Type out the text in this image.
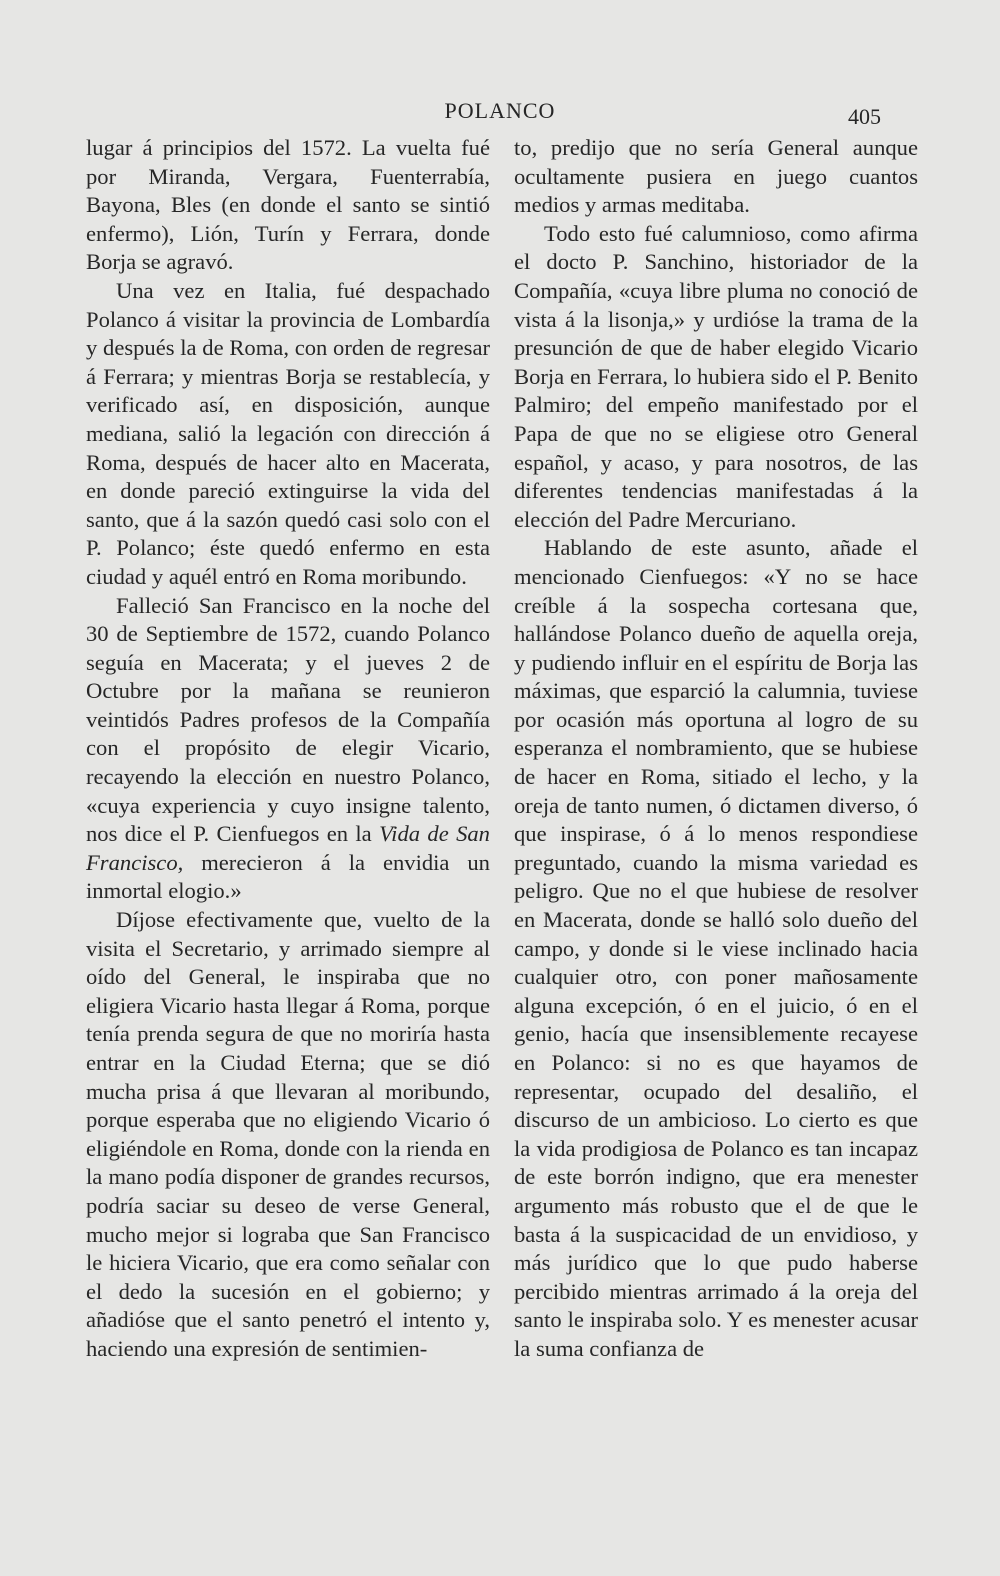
POLANCO	405

lugar á principios del 1572. La vuelta fué por Miranda, Vergara, Fuenterrabía, Bayona, Bles (en donde el santo se sintió enfermo), Lión, Turín y Ferrara, donde Borja se agravó.

Una vez en Italia, fué despachado Polanco á visitar la provincia de Lombardía y después la de Roma, con orden de regresar á Ferrara; y mientras Borja se restablecía, y verificado así, en disposición, aunque mediana, salió la legación con dirección á Roma, después de hacer alto en Macerata, en donde pareció extinguirse la vida del santo, que á la sazón quedó casi solo con el P. Polanco; éste quedó enfermo en esta ciudad y aquél entró en Roma moribundo.

Falleció San Francisco en la noche del 30 de Septiembre de 1572, cuando Polanco seguía en Macerata; y el jueves 2 de Octubre por la mañana se reunieron veintidós Padres profesos de la Compañía con el propósito de elegir Vicario, recayendo la elección en nuestro Polanco, «cuya experiencia y cuyo insigne talento, nos dice el P. Cienfuegos en la Vida de San Francisco, merecieron á la envidia un inmortal elogio.»

Díjose efectivamente que, vuelto de la visita el Secretario, y arrimado siempre al oído del General, le inspiraba que no eligiera Vicario hasta llegar á Roma, porque tenía prenda segura de que no moriría hasta entrar en la Ciudad Eterna; que se dió mucha prisa á que llevaran al moribundo, porque esperaba que no eligiendo Vicario ó eligiéndole en Roma, donde con la rienda en la mano podía disponer de grandes recursos, podría saciar su deseo de verse General, mucho mejor si lograba que San Francisco le hiciera Vicario, que era como señalar con el dedo la sucesión en el gobierno; y añadióse que el santo penetró el intento y, haciendo una expresión de sentimien-

to, predijo que no sería General aunque ocultamente pusiera en juego cuantos medios y armas meditaba.

Todo esto fué calumnioso, como afirma el docto P. Sanchino, historiador de la Compañía, «cuya libre pluma no conoció de vista á la lisonja,» y urdióse la trama de la presunción de que de haber elegido Vicario Borja en Ferrara, lo hubiera sido el P. Benito Palmiro; del empeño manifestado por el Papa de que no se eligiese otro General español, y acaso, y para nosotros, de las diferentes tendencias manifestadas á la elección del Padre Mercuriano.

Hablando de este asunto, añade el mencionado Cienfuegos: «Y no se hace creíble á la sospecha cortesana que, hallándose Polanco dueño de aquella oreja, y pudiendo influir en el espíritu de Borja las máximas, que esparció la calumnia, tuviese por ocasión más oportuna al logro de su esperanza el nombramiento, que se hubiese de hacer en Roma, sitiado el lecho, y la oreja de tanto numen, ó dictamen diverso, ó que inspirase, ó á lo menos respondiese preguntado, cuando la misma variedad es peligro. Que no el que hubiese de resolver en Macerata, donde se halló solo dueño del campo, y donde si le viese inclinado hacia cualquier otro, con poner mañosamente alguna excepción, ó en el juicio, ó en el genio, hacía que insensiblemente recayese en Polanco: si no es que hayamos de representar, ocupado del desaliño, el discurso de un ambicioso. Lo cierto es que la vida prodigiosa de Polanco es tan incapaz de este borrón indigno, que era menester argumento más robusto que el de que le basta á la suspicacidad de un envidioso, y más jurídico que lo que pudo haberse percibido mientras arrimado á la oreja del santo le inspiraba solo. Y es menester acusar la suma confianza de
